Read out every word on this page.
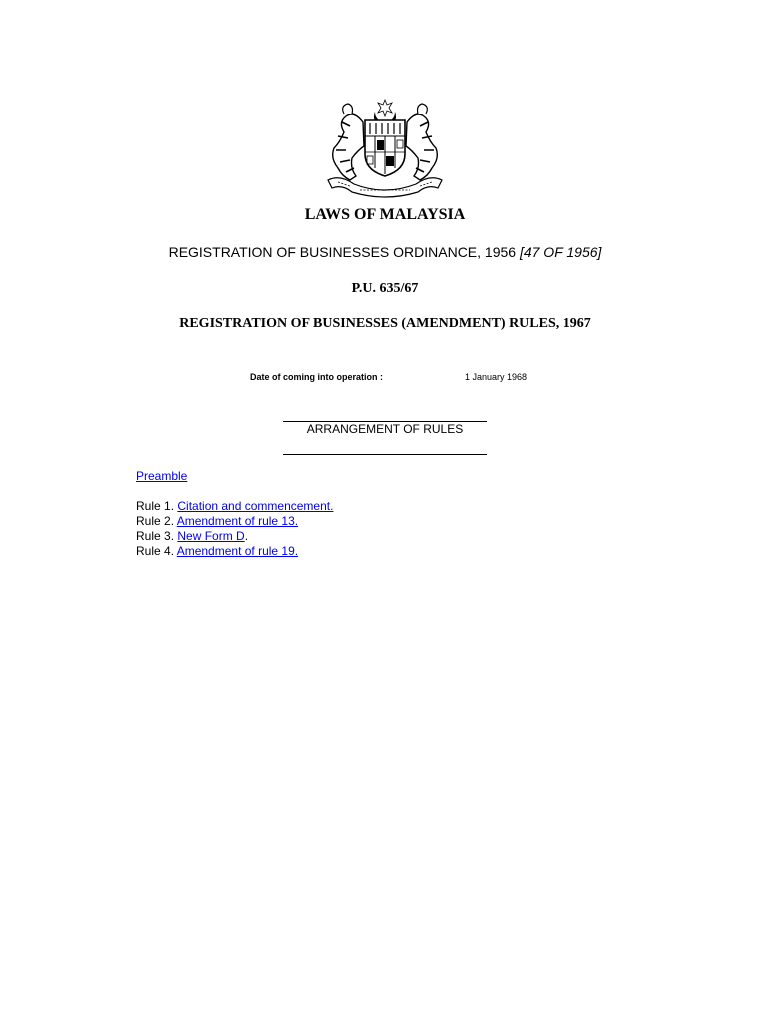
LAWS OF MALAYSIA
REGISTRATION OF BUSINESSES ORDINANCE, 1956 [47 OF 1956]
P.U. 635/67
REGISTRATION OF BUSINESSES (AMENDMENT) RULES, 1967
Date of coming into operation :	1 January 1968
ARRANGEMENT OF RULES
Preamble
Rule 1. Citation and commencement.
Rule 2. Amendment of rule 13.
Rule 3. New Form D.
Rule 4. Amendment of rule 19.
